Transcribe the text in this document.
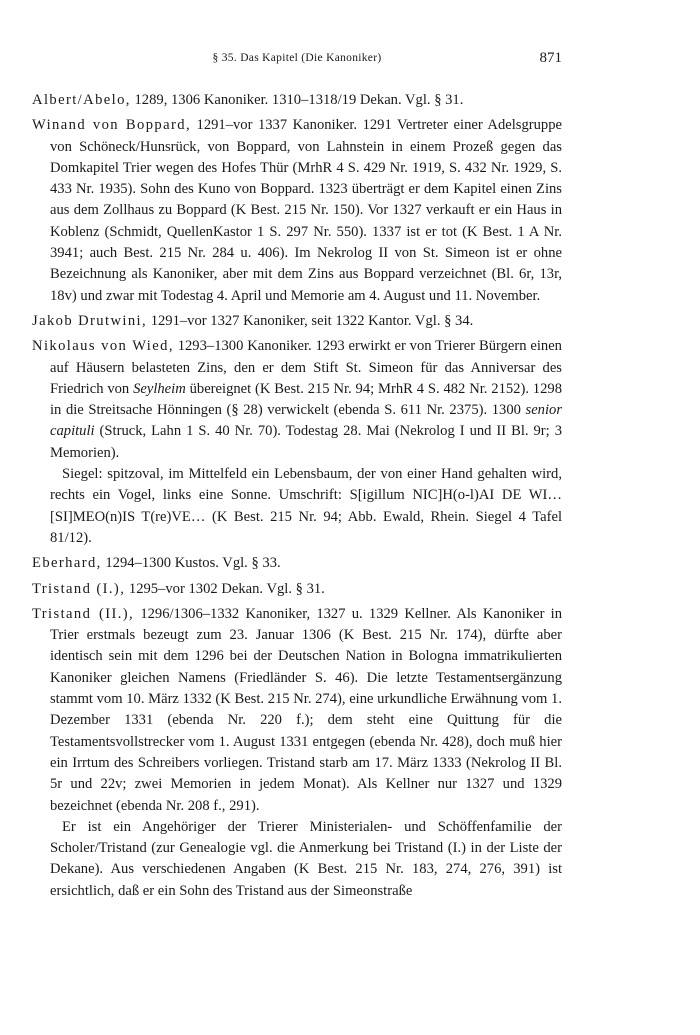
§ 35. Das Kapitel (Die Kanoniker)	871

Albert/Abelo, 1289, 1306 Kanoniker. 1310–1318/19 Dekan. Vgl. § 31.

Winand von Boppard, 1291–vor 1337 Kanoniker. 1291 Vertreter einer Adelsgruppe von Schöneck/Hunsrück, von Boppard, von Lahnstein in einem Prozeß gegen das Domkapitel Trier wegen des Hofes Thür (MrhR 4 S. 429 Nr. 1919, S. 432 Nr. 1929, S. 433 Nr. 1935). Sohn des Kuno von Boppard. 1323 überträgt er dem Kapitel einen Zins aus dem Zollhaus zu Boppard (K Best. 215 Nr. 150). Vor 1327 verkauft er ein Haus in Koblenz (Schmidt, QuellenKastor 1 S. 297 Nr. 550). 1337 ist er tot (K Best. 1 A Nr. 3941; auch Best. 215 Nr. 284 u. 406). Im Nekrolog II von St. Simeon ist er ohne Bezeichnung als Kanoniker, aber mit dem Zins aus Boppard verzeichnet (Bl. 6r, 13r, 18v) und zwar mit Todestag 4. April und Memorie am 4. August und 11. November.

Jakob Drutwini, 1291–vor 1327 Kanoniker, seit 1322 Kantor. Vgl. § 34.

Nikolaus von Wied, 1293–1300 Kanoniker. 1293 erwirkt er von Trierer Bürgern einen auf Häusern belasteten Zins, den er dem Stift St. Simeon für das Anniversar des Friedrich von Seylheim übereignet (K Best. 215 Nr. 94; MrhR 4 S. 482 Nr. 2152). 1298 in die Streitsache Hönningen (§ 28) verwickelt (ebenda S. 611 Nr. 2375). 1300 senior capituli (Struck, Lahn 1 S. 40 Nr. 70). Todestag 28. Mai (Nekrolog I und II Bl. 9r; 3 Memorien).
Siegel: spitzoval, im Mittelfeld ein Lebensbaum, der von einer Hand gehalten wird, rechts ein Vogel, links eine Sonne. Umschrift: S[igillum NIC]H(o-l)AI DE WI…[SI]MEO(n)IS T(re)VE… (K Best. 215 Nr. 94; Abb. Ewald, Rhein. Siegel 4 Tafel 81/12).

Eberhard, 1294–1300 Kustos. Vgl. § 33.

Tristand (I.), 1295–vor 1302 Dekan. Vgl. § 31.

Tristand (II.), 1296/1306–1332 Kanoniker, 1327 u. 1329 Kellner. Als Kanoniker in Trier erstmals bezeugt zum 23. Januar 1306 (K Best. 215 Nr. 174), dürfte aber identisch sein mit dem 1296 bei der Deutschen Nation in Bologna immatrikulierten Kanoniker gleichen Namens (Friedländer S. 46). Die letzte Testamentsergänzung stammt vom 10. März 1332 (K Best. 215 Nr. 274), eine urkundliche Erwähnung vom 1. Dezember 1331 (ebenda Nr. 220 f.); dem steht eine Quittung für die Testamentsvollstrecker vom 1. August 1331 entgegen (ebenda Nr. 428), doch muß hier ein Irrtum des Schreibers vorliegen. Tristand starb am 17. März 1333 (Nekrolog II Bl. 5r und 22v; zwei Memorien in jedem Monat). Als Kellner nur 1327 und 1329 bezeichnet (ebenda Nr. 208 f., 291).
Er ist ein Angehöriger der Trierer Ministerialen- und Schöffenfamilie der Scholer/Tristand (zur Genealogie vgl. die Anmerkung bei Tristand (I.) in der Liste der Dekane). Aus verschiedenen Angaben (K Best. 215 Nr. 183, 274, 276, 391) ist ersichtlich, daß er ein Sohn des Tristand aus der Simeonstraße
